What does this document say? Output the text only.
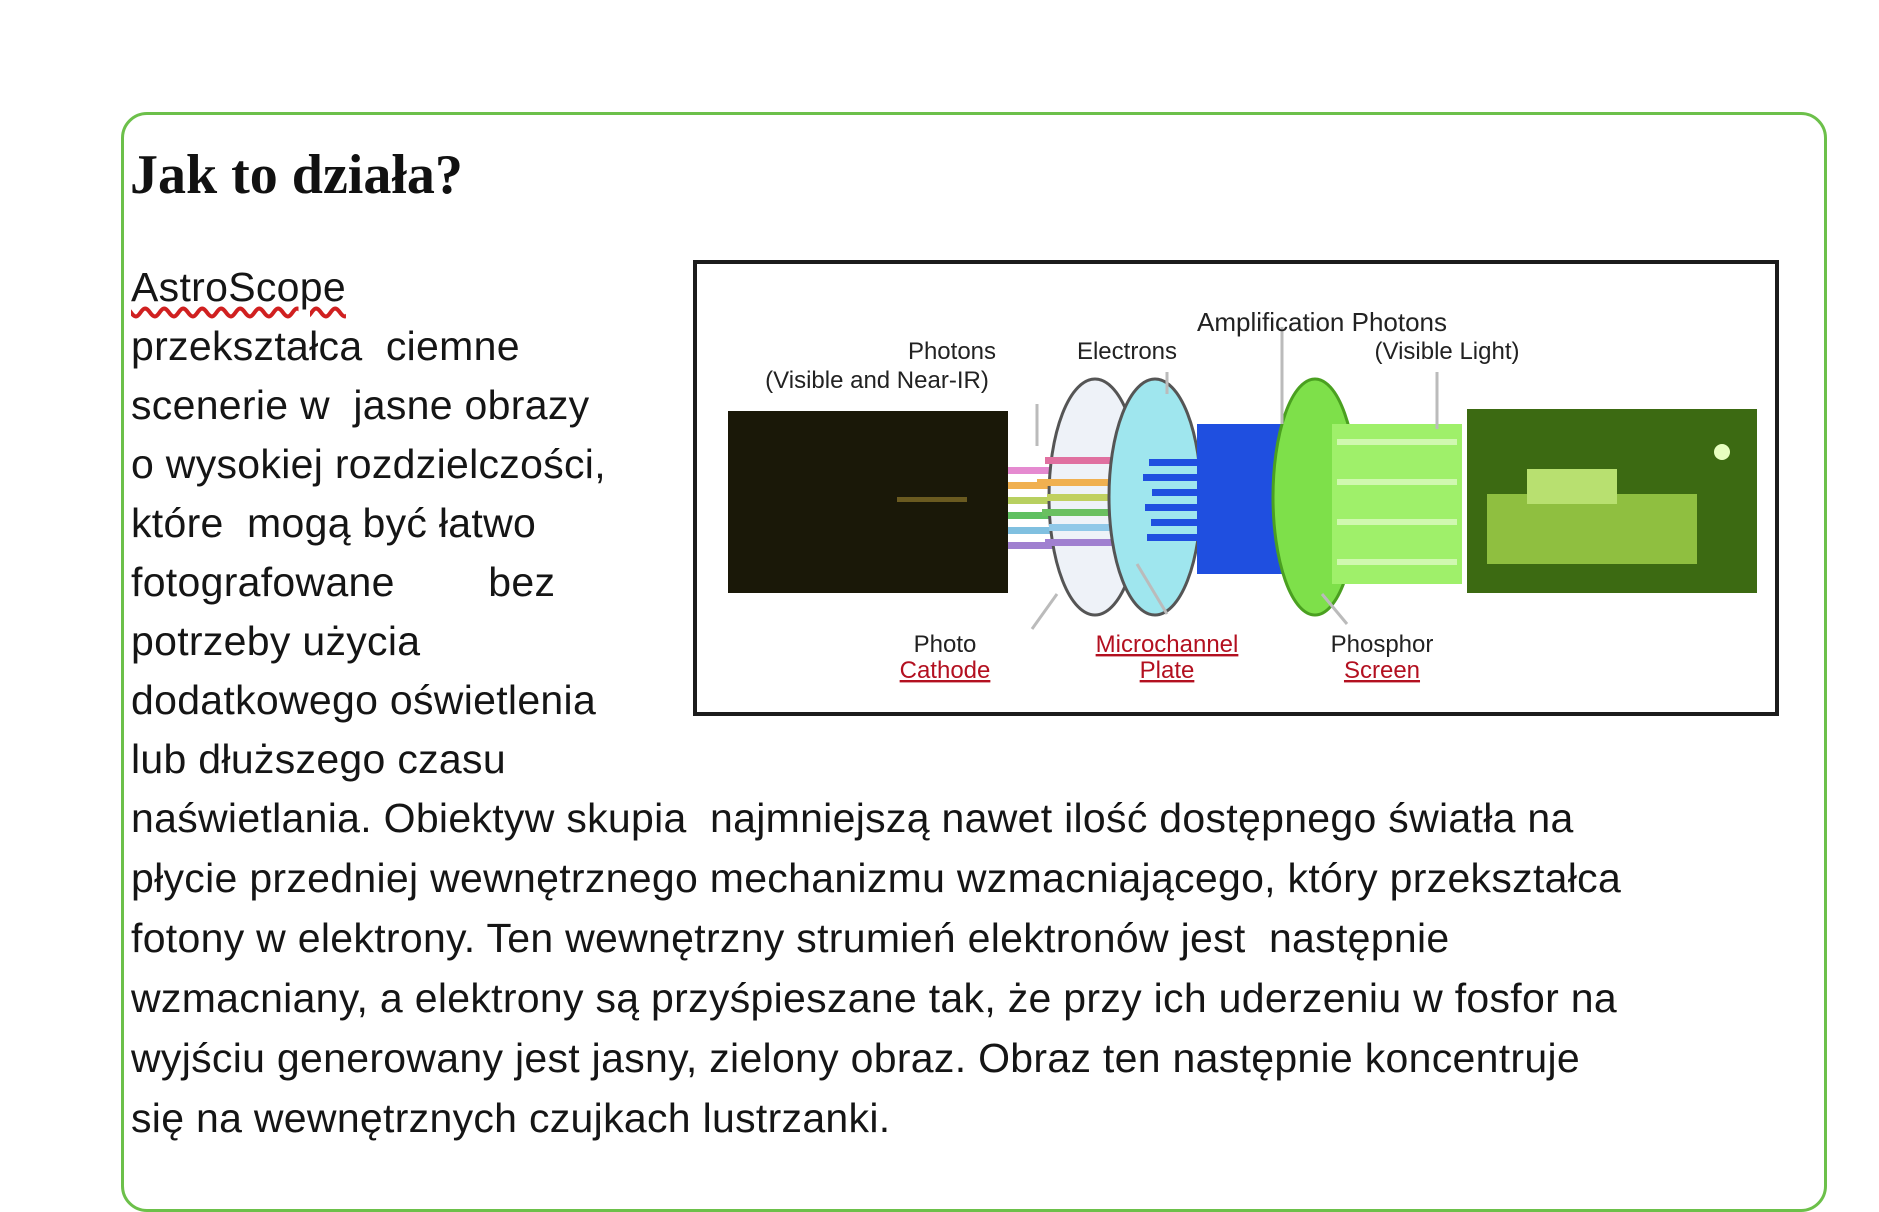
Jak to działa?

AstroScope

przekształca  ciemne

scenerie w  jasne obrazy

o wysokiej rozdzielczości,

które  mogą być łatwo

fotografowane        bez

potrzeby użycia

dodatkowego oświetlenia

lub dłuższego czasu

naświetlania. Obiektyw skupia  najmniejszą nawet ilość dostępnego światła na

płycie przedniej wewnętrznego mechanizmu wzmacniającego, który przekształca

fotony w elektrony. Ten wewnętrzny strumień elektronów jest  następnie

wzmacniany, a elektrony są przyśpieszane tak, że przy ich uderzeniu w fosfor na

wyjściu generowany jest jasny, zielony obraz. Obraz ten następnie koncentruje

się na wewnętrznych czujkach lustrzanki.

Amplification Photons
Photons
(Visible and Near-IR)
Electrons	(Visible Light)
Photo
Cathode
Microchannel
Plate
Phosphor
Screen
